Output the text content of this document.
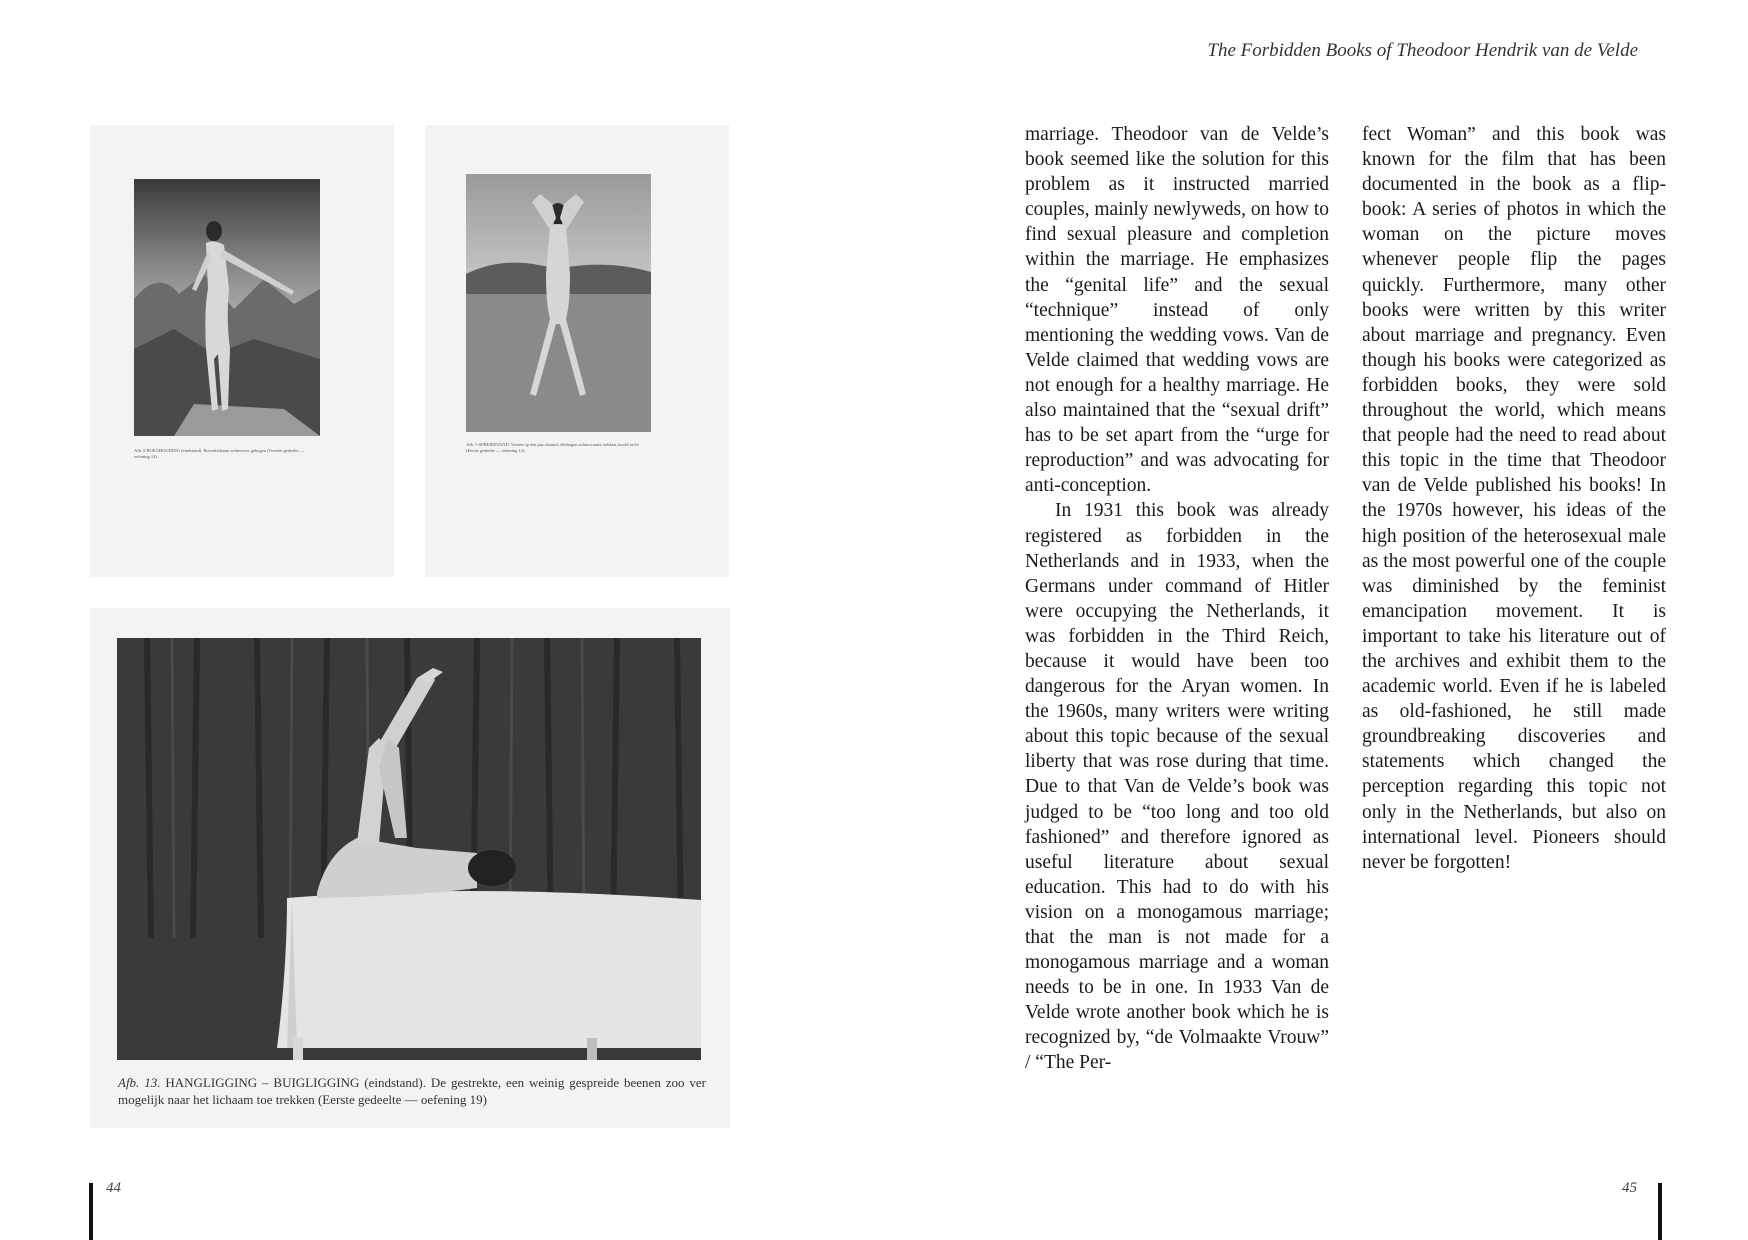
The Forbidden Books of Theodoor Hendrik van de Velde
Afb. 8 BOEGHOUDING (eindstand). Bovenlichaam achterover gebogen (Tweede gedeelte — oefening 14)
Afb. 5 SPREIDSTAND. Voeten op één pas afstand; ellebogen achterwaarts trekken, hoofd recht (Eerste gedeelte — oefening 12)
Afb. 13. HANGLIGGING – BUIGLIGGING (eindstand). De gestrekte, een weinig gespreide beenen zoo ver mogelijk naar het lichaam toe trekken (Eerste gedeelte — oefening 19)

marriage. Theodoor van de Velde’s book seemed like the solution for this problem as it instructed married couples, mainly newlyweds, on how to find sexual pleasure and completion within the marriage. He emphasizes the “genital life” and the sexual “technique” instead of only mentioning the wedding vows. Van de Velde claimed that wedding vows are not enough for a healthy marriage. He also maintained that the “sexual drift” has to be set apart from the “urge for reproduction” and was advocating for anti-conception.

In 1931 this book was already registered as forbidden in the Netherlands and in 1933, when the Germans under command of Hitler were occupying the Netherlands, it was forbidden in the Third Reich, because it would have been too dangerous for the Aryan women. In the 1960s, many writers were writing about this topic because of the sexual liberty that was rose during that time. Due to that Van de Velde’s book was judged to be “too long and too old fashioned” and therefore ignored as useful literature about sexual education. This had to do with his vision on a monogamous marriage; that the man is not made for a monogamous marriage and a woman needs to be in one. In 1933 Van de Velde wrote another book which he is recognized by, “de Volmaakte Vrouw” / “The Per-

fect Woman” and this book was known for the film that has been documented in the book as a flip-book: A series of photos in which the woman on the picture moves whenever people flip the pages quickly. Furthermore, many other books were written by this writer about marriage and pregnancy. Even though his books were categorized as forbidden books, they were sold throughout the world, which means that people had the need to read about this topic in the time that Theodoor van de Velde published his books! In the 1970s however, his ideas of the high position of the heterosexual male as the most powerful one of the couple was diminished by the feminist emancipation movement. It is important to take his literature out of the archives and exhibit them to the academic world. Even if he is labeled as old-fashioned, he still made groundbreaking discoveries and statements which changed the perception regarding this topic not only in the Netherlands, but also on international level. Pioneers should never be forgotten!

44	45
